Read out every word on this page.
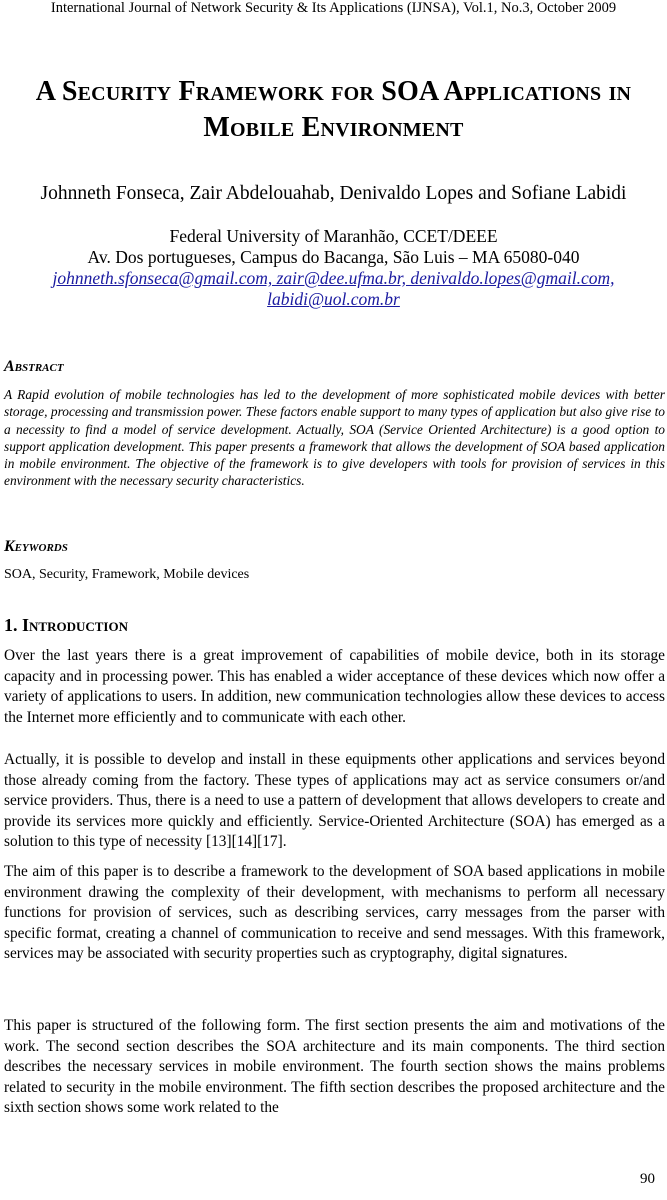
International Journal of Network Security & Its Applications (IJNSA), Vol.1, No.3, October 2009
A Security Framework for SOA Applications in
Mobile Environment
Johnneth Fonseca, Zair Abdelouahab, Denivaldo Lopes and Sofiane Labidi
Federal University of Maranhão, CCET/DEEE
Av. Dos portugueses, Campus do Bacanga, São Luis – MA 65080-040
johnneth.sfonseca@gmail.com, zair@dee.ufma.br, denivaldo.lopes@gmail.com,
labidi@uol.com.br
Abstract
A Rapid evolution of mobile technologies has led to the development of more sophisticated mobile devices with better storage, processing and transmission power. These factors enable support to many types of application but also give rise to a necessity to find a model of service development. Actually, SOA (Service Oriented Architecture) is a good option to support application development. This paper presents a framework that allows the development of SOA based application in mobile environment. The objective of the framework is to give developers with tools for provision of services in this environment with the necessary security characteristics.
Keywords
SOA, Security, Framework, Mobile devices
1. Introduction
Over the last years there is a great improvement of capabilities of mobile device, both in its storage capacity and in processing power. This has enabled a wider acceptance of these devices which now offer a variety of applications to users. In addition, new communication technologies allow these devices to access the Internet more efficiently and to communicate with each other.
Actually, it is possible to develop and install in these equipments other applications and services beyond those already coming from the factory. These types of applications may act as service consumers or/and service providers. Thus, there is a need to use a pattern of development that allows developers to create and provide its services more quickly and efficiently. Service-Oriented Architecture (SOA) has emerged as a solution to this type of necessity [13][14][17].
The aim of this paper is to describe a framework to the development of SOA based applications in mobile environment drawing the complexity of their development, with mechanisms to perform all necessary functions for provision of services, such as describing services, carry messages from the parser with specific format, creating a channel of communication to receive and send messages. With this framework, services may be associated with security properties such as cryptography, digital signatures.
This paper is structured of the following form. The first section presents the aim and motivations of the work. The second section describes the SOA architecture and its main components. The third section describes the necessary services in mobile environment. The fourth section shows the mains problems related to security in the mobile environment. The fifth section describes the proposed architecture and the sixth section shows some work related to the
90
